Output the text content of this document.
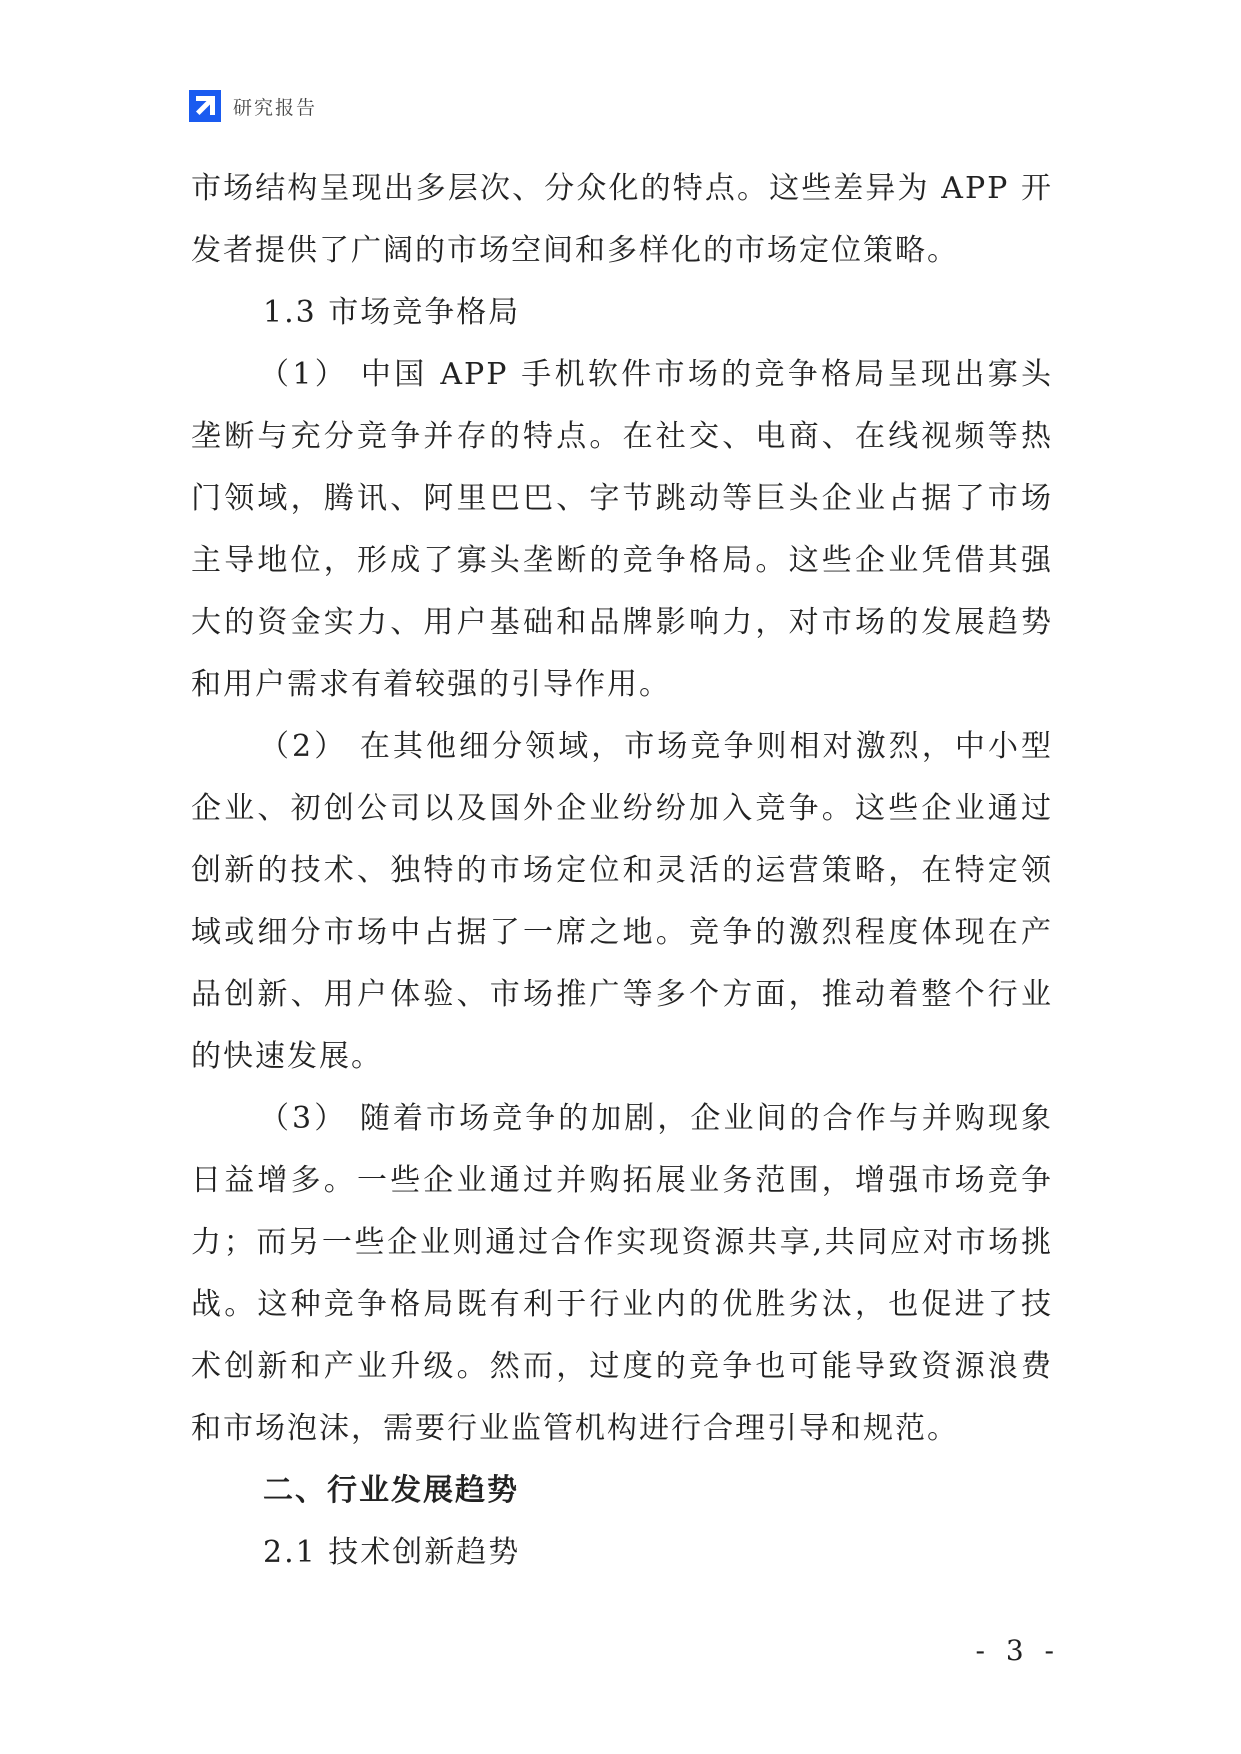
研究报告

市场结构呈现出多层次、分众化的特点。这些差异为 APP 开发者提供了广阔的市场空间和多样化的市场定位策略。

1.3 市场竞争格局

（1） 中国 APP 手机软件市场的竞争格局呈现出寡头垄断与充分竞争并存的特点。在社交、电商、在线视频等热门领域，腾讯、阿里巴巴、字节跳动等巨头企业占据了市场主导地位，形成了寡头垄断的竞争格局。这些企业凭借其强大的资金实力、用户基础和品牌影响力，对市场的发展趋势和用户需求有着较强的引导作用。

（2） 在其他细分领域，市场竞争则相对激烈，中小型企业、初创公司以及国外企业纷纷加入竞争。这些企业通过创新的技术、独特的市场定位和灵活的运营策略，在特定领域或细分市场中占据了一席之地。竞争的激烈程度体现在产品创新、用户体验、市场推广等多个方面，推动着整个行业的快速发展。

（3） 随着市场竞争的加剧，企业间的合作与并购现象日益增多。一些企业通过并购拓展业务范围，增强市场竞争力；而另一些企业则通过合作实现资源共享,共同应对市场挑战。这种竞争格局既有利于行业内的优胜劣汰，也促进了技术创新和产业升级。然而，过度的竞争也可能导致资源浪费和市场泡沫，需要行业监管机构进行合理引导和规范。

二、行业发展趋势

2.1 技术创新趋势

- 3 -
